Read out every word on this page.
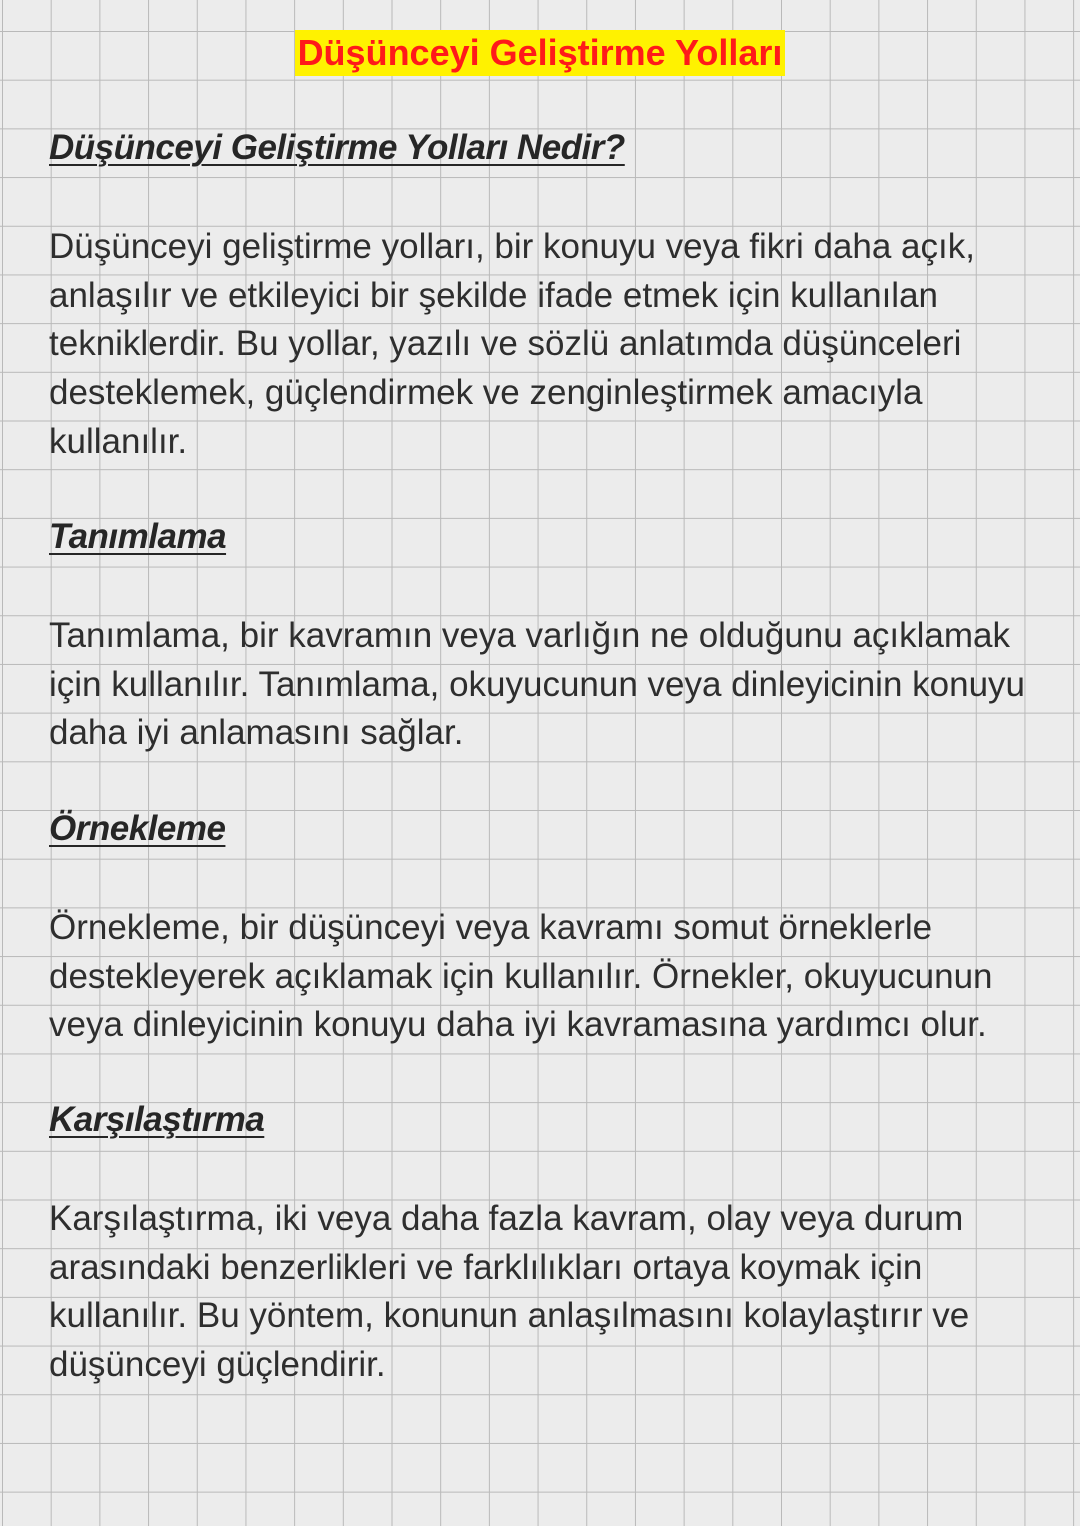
Düşünceyi Geliştirme Yolları
Düşünceyi Geliştirme Yolları Nedir?

Düşünceyi geliştirme yolları, bir konuyu veya fikri daha açık, anlaşılır ve etkileyici bir şekilde ifade etmek için kullanılan tekniklerdir. Bu yollar, yazılı ve sözlü anlatımda düşünceleri desteklemek, güçlendirmek ve zenginleştirmek amacıyla kullanılır.

Tanımlama

Tanımlama, bir kavramın veya varlığın ne olduğunu açıklamak için kullanılır. Tanımlama, okuyucunun veya dinleyicinin konuyu daha iyi anlamasını sağlar.

Örnekleme

Örnekleme, bir düşünceyi veya kavramı somut örneklerle destekleyerek açıklamak için kullanılır. Örnekler, okuyucunun veya dinleyicinin konuyu daha iyi kavramasına yardımcı olur.

Karşılaştırma

Karşılaştırma, iki veya daha fazla kavram, olay veya durum arasındaki benzerlikleri ve farklılıkları ortaya koymak için kullanılır. Bu yöntem, konunun anlaşılmasını kolaylaştırır ve düşünceyi güçlendirir.
